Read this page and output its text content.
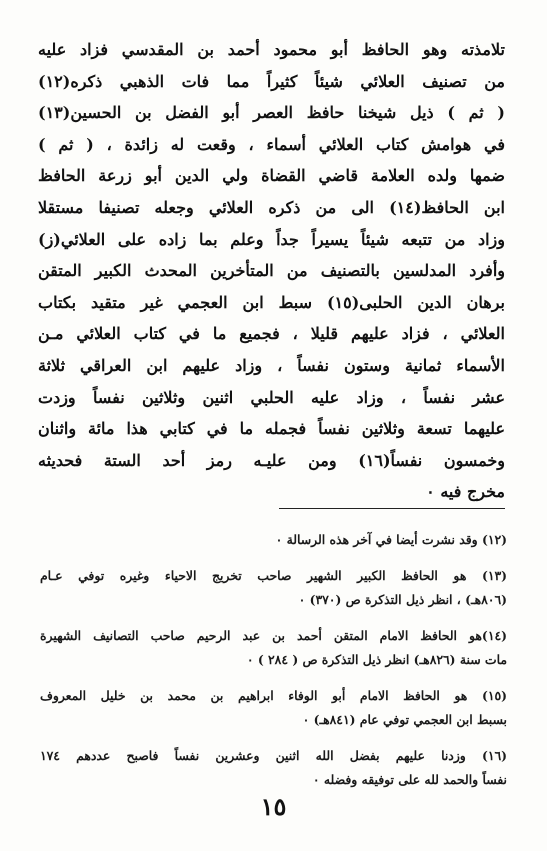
تلامذته وهو الحافظ أبو محمود أحمد بن المقدسي فزاد عليه
من تصنيف العلائي شيئاً كثيراً مما فات الذهبي ذكره(١٢)
( ثم ) ذيل شيخنا حافظ العصر أبو الفضل بن الحسين(١٣)
في هوامش كتاب العلائي أسماء ، وقعت له زائدة ، ( ثم )
ضمها ولده العلامة قاضي القضاة ولي الدين أبو زرعة الحافظ
ابن الحافظ(١٤) الى من ذكره العلائي وجعله تصنيفا مستقلا
وزاد من تتبعه شيئاً يسيراً جداً وعلم بما زاده على العلائي(ز)
وأفرد المدلسين بالتصنيف من المتأخرين المحدث الكبير المتقن
برهان الدين الحلبى(١٥) سبط ابن العجمي غير متقيد بكتاب
العلائي ، فزاد عليهم قليلا ، فجميع ما في كتاب العلائي مـن
الأسماء ثمانية وستون نفساً ، وزاد عليهم ابن العراقي ثلاثة
عشر نفساً ، وزاد عليه الحلبي اثنين وثلاثين نفساً وزدت
عليهما تسعة وثلاثين نفساً فجمله ما في كتابي هذا مائة واثنان
وخمسون نفساً(١٦) ومن عليـه رمز أحد الستة فحديثه
مخرج فيه ٠
(١٢) وقد نشرت أيضا في آخر هذه الرسالة ٠
(١٣) هو الحافظ الكبير الشهير صاحب تخريج الاحياء وغيره توفي عـام
(٨٠٦هـ) ، انظر ذيل التذكرة ص (٣٧٠) ٠
(١٤)هو الحافظ الامام المتقن أحمد بن عبد الرحيم صاحب التصانيف الشهيرة
مات سنة (٨٢٦هـ) انظر ذيل التذكرة ص ( ٢٨٤ ) ٠
(١٥) هو الحافظ الامام أبو الوفاء ابراهيم بن محمد بن خليل المعروف
بسبط ابن العجمي توفي عام (٨٤١هـ) ٠
(١٦) وزدنا عليهم بفضل الله اثنين وعشرين نفساً فاصبح عددهم ١٧٤
نفساً والحمد لله على توفيقه وفضله ٠
١٥
